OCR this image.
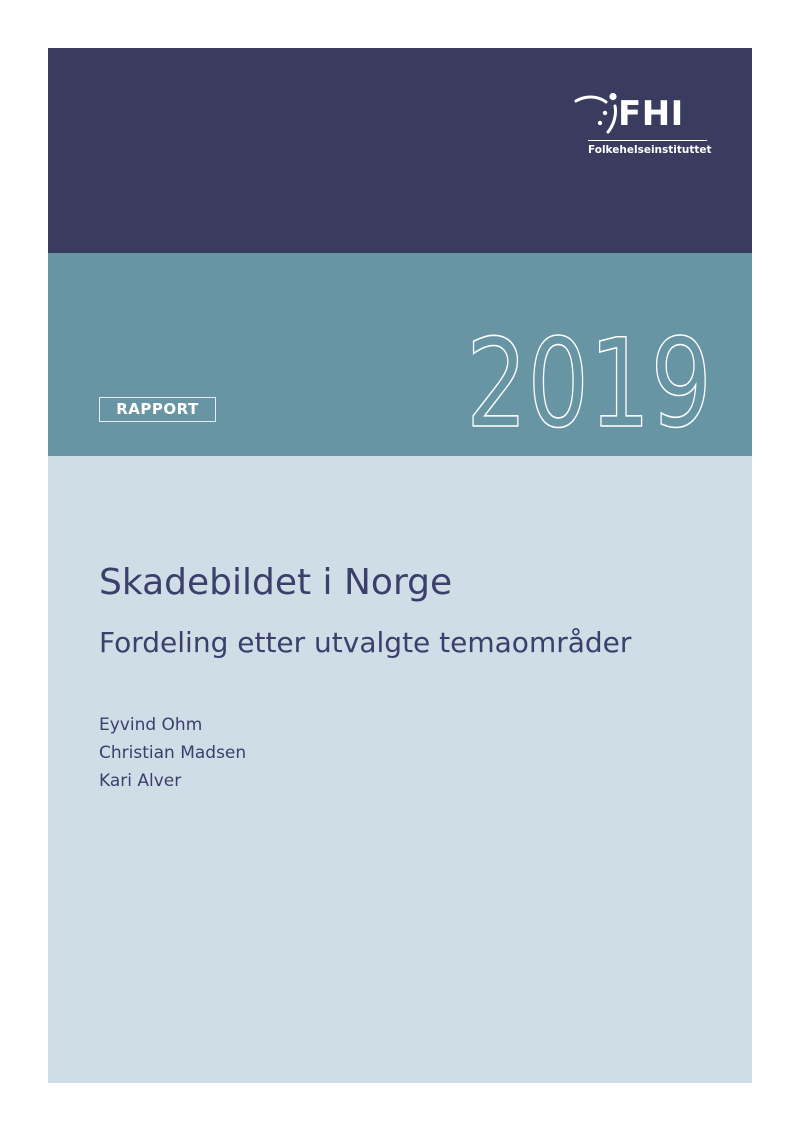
FHI
Folkehelseinstituttet
RAPPORT 2019
Skadebildet i Norge
Fordeling etter utvalgte temaområder
Eyvind Ohm
Christian Madsen
Kari Alver
